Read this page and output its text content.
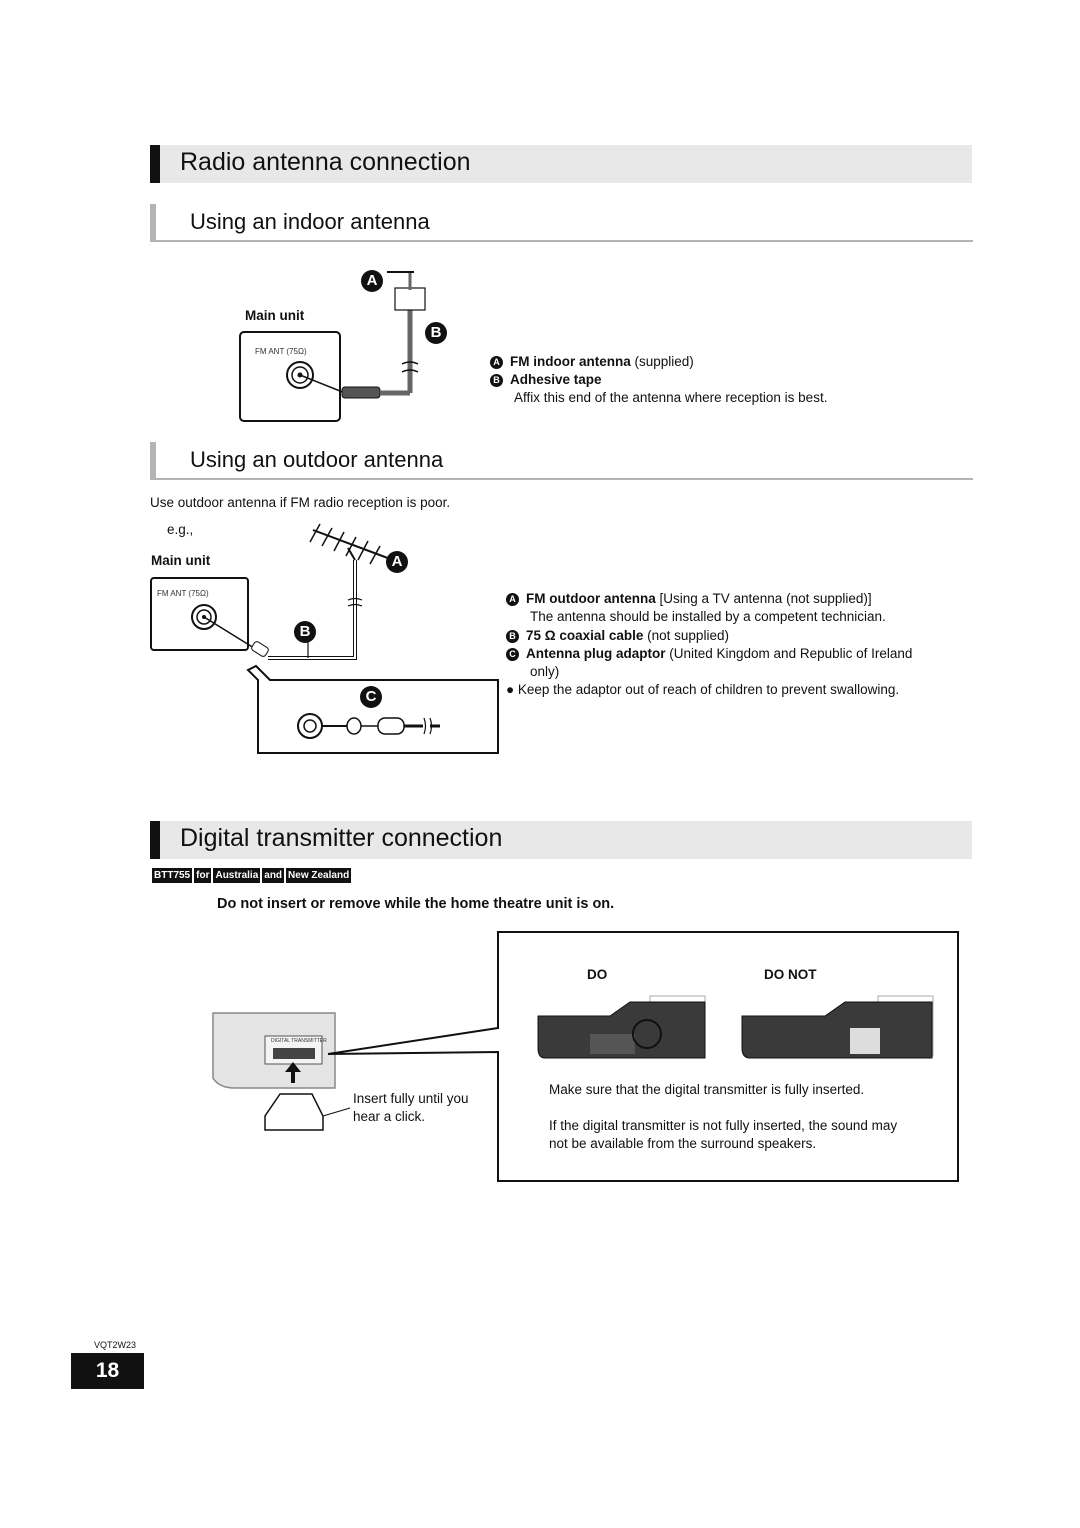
Radio antenna connection
Using an indoor antenna
A
B
Main unit
FM ANT (75Ω)
A FM indoor antenna (supplied)
B Adhesive tape
Affix this end of the antenna where reception is best.
Using an outdoor antenna
Use outdoor antenna if FM radio reception is poor.
e.g.,
Main unit	A
B
C
FM ANT (75Ω)
A FM outdoor antenna [Using a TV antenna (not supplied)]
The antenna should be installed by a competent technician.
B 75 Ω coaxial cable (not supplied)
C Antenna plug adaptor (United Kingdom and Republic of Ireland
only)
● Keep the adaptor out of reach of children to prevent swallowing.
Digital transmitter connection
BTT755 for Australia and New Zealand
Do not insert or remove while the home theatre unit is on.
DIGITAL TRANSMITTER
Insert fully until you
hear a click.
DO	DO NOT
Make sure that the digital transmitter is fully inserted.
If the digital transmitter is not fully inserted, the sound may
not be available from the surround speakers.
VQT2W23
18
